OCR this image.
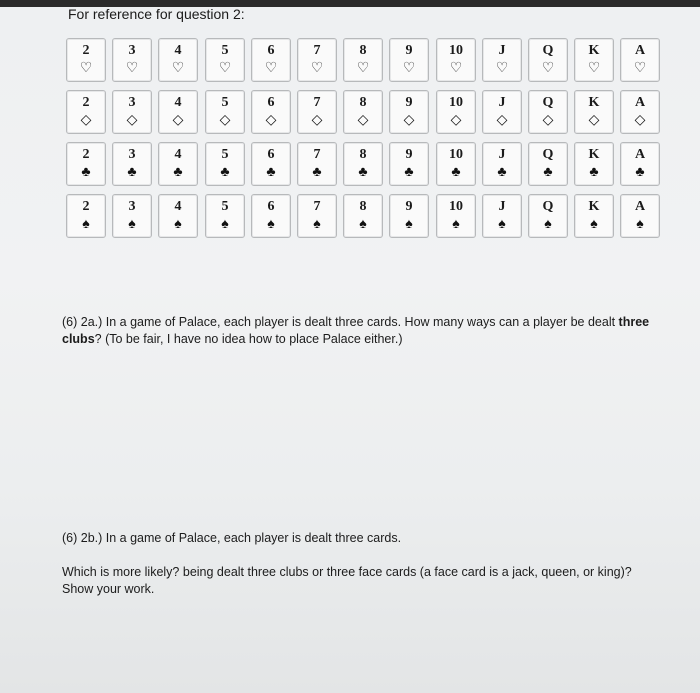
For reference for question 2:
2
♡
3
♡
4
♡
5
♡
6
♡
7
♡
8
♡
9
♡
10
♡
J
♡
Q
♡
K
♡
A
♡
2
◇
3
◇
4
◇
5
◇
6
◇
7
◇
8
◇
9
◇
10
◇
J
◇
Q
◇
K
◇
A
◇
2
♣
3
♣
4
♣
5
♣
6
♣
7
♣
8
♣
9
♣
10
♣
J
♣
Q
♣
K
♣
A
♣
2
♠
3
♠
4
♠
5
♠
6
♠
7
♠
8
♠
9
♠
10
♠
J
♠
Q
♠
K
♠
A
♠
(6) 2a.) In a game of Palace, each player is dealt three cards. How many ways can a player be dealt three clubs? (To be fair, I have no idea how to place Palace either.)
(6) 2b.) In a game of Palace, each player is dealt three cards.
Which is more likely? being dealt three clubs or three face cards (a face card is a jack, queen, or king)? Show your work.
